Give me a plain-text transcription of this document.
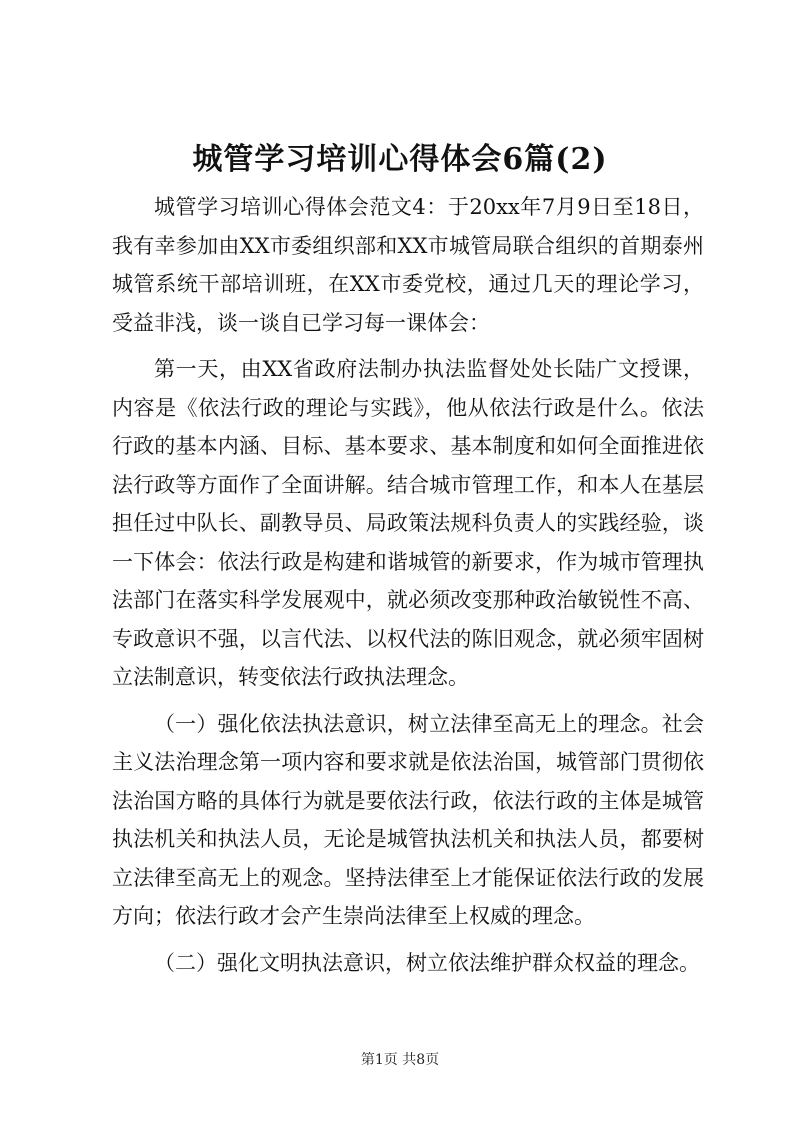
城管学习培训心得体会6篇(2)

城管学习培训心得体会范文4：于20xx年7月9日至18日，我有幸参加由XX市委组织部和XX市城管局联合组织的首期泰州城管系统干部培训班，在XX市委党校，通过几天的理论学习，受益非浅，谈一谈自已学习每一课体会：

第一天，由XX省政府法制办执法监督处处长陆广文授课，内容是《依法行政的理论与实践》，他从依法行政是什么。依法行政的基本内涵、目标、基本要求、基本制度和如何全面推进依法行政等方面作了全面讲解。结合城市管理工作，和本人在基层担任过中队长、副教导员、局政策法规科负责人的实践经验，谈一下体会：依法行政是构建和谐城管的新要求，作为城市管理执法部门在落实科学发展观中，就必须改变那种政治敏锐性不高、专政意识不强，以言代法、以权代法的陈旧观念，就必须牢固树立法制意识，转变依法行政执法理念。

（一）强化依法执法意识，树立法律至高无上的理念。社会主义法治理念第一项内容和要求就是依法治国，城管部门贯彻依法治国方略的具体行为就是要依法行政，依法行政的主体是城管执法机关和执法人员，无论是城管执法机关和执法人员，都要树立法律至高无上的观念。坚持法律至上才能保证依法行政的发展方向；依法行政才会产生崇尚法律至上权威的理念。

（二）强化文明执法意识，树立依法维护群众权益的理念。

第1页 共8页
